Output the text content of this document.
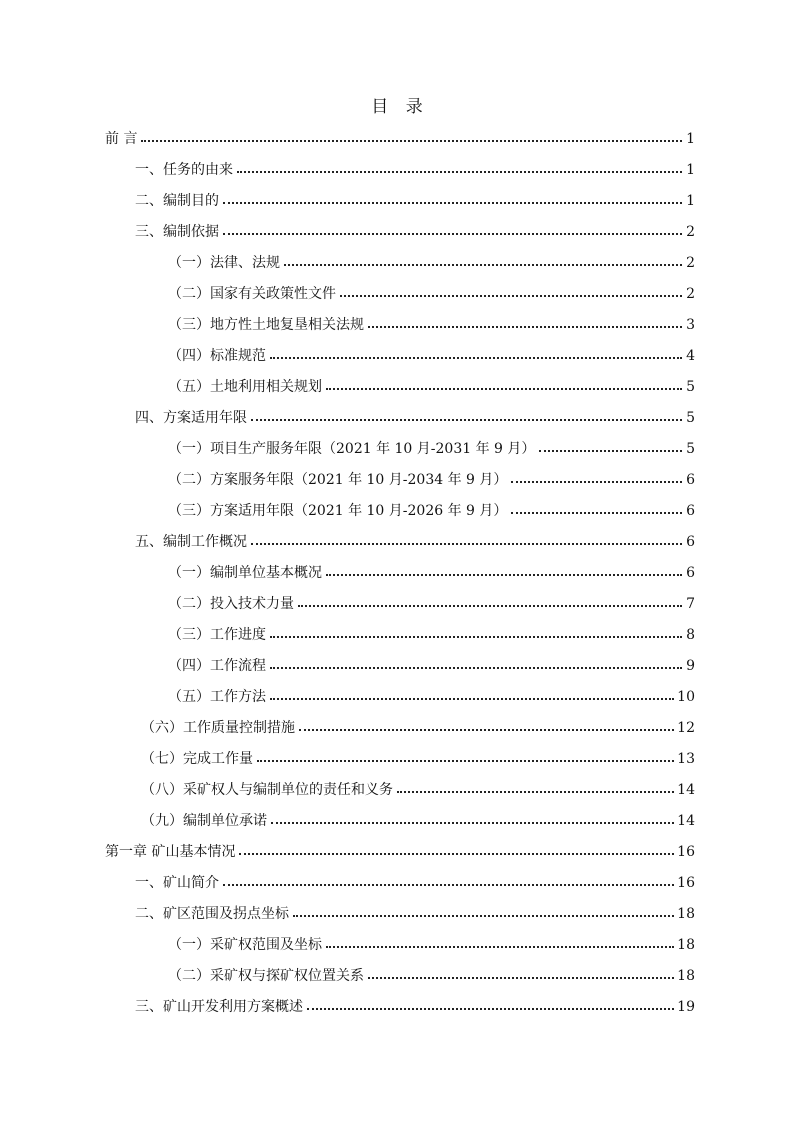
目 录
前 言	1
一、任务的由来	1
二、编制目的	1
三、编制依据	2
（一）法律、法规	2
（二）国家有关政策性文件	2
（三）地方性土地复垦相关法规	3
（四）标准规范	4
（五）土地利用相关规划	5
四、方案适用年限	5
（一）项目生产服务年限（2021 年 10 月-2031 年 9 月）	5
（二）方案服务年限（2021 年 10 月-2034 年 9 月）	6
（三）方案适用年限（2021 年 10 月-2026 年 9 月）	6
五、编制工作概况	6
（一）编制单位基本概况	6
（二）投入技术力量	7
（三）工作进度	8
（四）工作流程	9
（五）工作方法	10
（六）工作质量控制措施	12
（七）完成工作量	13
（八）采矿权人与编制单位的责任和义务	14
（九）编制单位承诺	14
第一章 矿山基本情况	16
一、矿山简介	16
二、矿区范围及拐点坐标	18
（一）采矿权范围及坐标	18
（二）采矿权与探矿权位置关系	18
三、矿山开发利用方案概述	19
